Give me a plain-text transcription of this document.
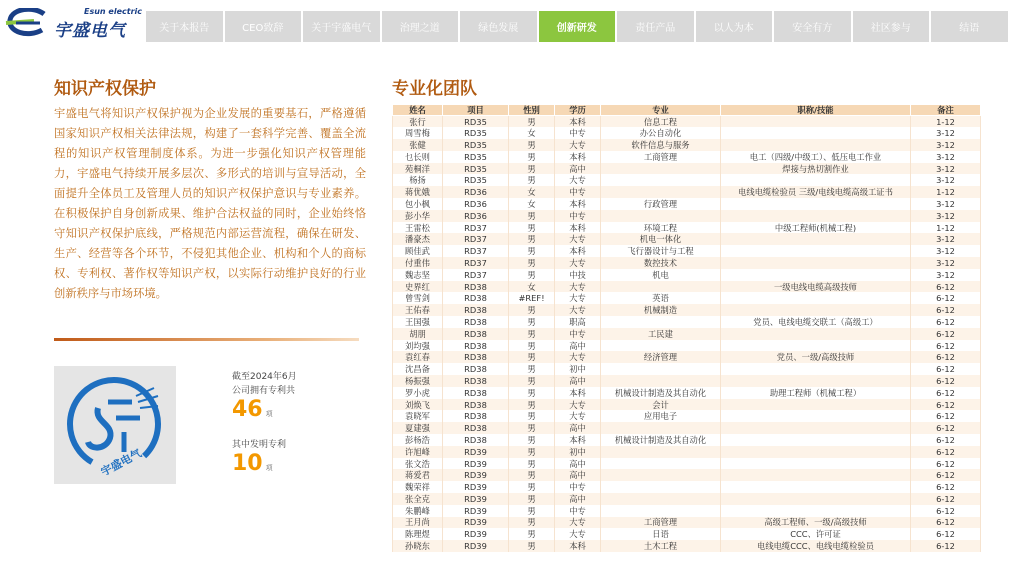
Esun electric
宇盛电气	关于本报告	CEO致辞	关于宇盛电气	治理之道	绿色发展	创新研发	责任产品	以人为本	安全有方	社区参与	结语
知识产权保护
宇盛电气将知识产权保护视为企业发展的重要基石，严格遵循国家知识产权相关法律法规，构建了一套科学完善、覆盖全流程的知识产权管理制度体系。为进一步强化知识产权管理能力，宇盛电气持续开展多层次、多形式的培训与宣导活动，全面提升全体员工及管理人员的知识产权保护意识与专业素养。在积极保护自身创新成果、维护合法权益的同时，企业始终恪守知识产权保护底线，严格规范内部运营流程，确保在研发、生产、经营等各个环节，不侵犯其他企业、机构和个人的商标权、专利权、著作权等知识产权，以实际行动维护良好的行业创新秩序与市场环境。
宇盛电气
截至2024年6月
公司拥有专利共
46 项
其中发明专利
10 项
专业化团队
姓名	项目	性别	学历	专业	职称/技能	备注
张行	RD35	男	本科	信息工程		1-12
周雪梅	RD35	女	中专	办公自动化		3-12
张健	RD35	男	大专	软件信息与服务		3-12
乜长则	RD35	男	本科	工商管理	电工（四级/中级工）、低压电工作业	3-12
苑桐洋	RD35	男	高中		焊接与热切割作业	3-12
杨扬	RD35	男	大专			3-12
蒋优娥	RD36	女	中专		电线电缆检验员 三级/电线电缆高级工证书	1-12
包小枫	RD36	女	本科	行政管理		3-12
彭小华	RD36	男	中专			3-12
王雷松	RD37	男	本科	环境工程	中级工程师(机械工程)	1-12
潘豪杰	RD37	男	大专	机电一体化		3-12
顾佳武	RD37	男	本科	飞行器设计与工程		3-12
付重伟	RD37	男	大专	数控技术		3-12
魏志坚	RD37	男	中技	机电		3-12
史界红	RD38	女	大专		一级电线电缆高级技师	6-12
曾雪剑	RD38	#REF!	大专	英语		6-12
王佑春	RD38	男	大专	机械制造		6-12
王国强	RD38	男	职高		党员、电线电缆交联工（高级工）	6-12
胡朋	RD38	男	中专	工民建		6-12
刘均强	RD38	男	高中			6-12
袁红春	RD38	男	大专	经济管理	党员、一级/高级技师	6-12
沈昌备	RD38	男	初中			6-12
杨振强	RD38	男	高中			6-12
罗小虎	RD38	男	本科	机械设计制造及其自动化	助理工程师（机械工程）	6-12
刘焕飞	RD38	男	大专	会计		6-12
袁晓军	RD38	男	大专	应用电子		6-12
夏建强	RD38	男	高中			6-12
彭杨浩	RD38	男	本科	机械设计制造及其自动化		6-12
许旭峰	RD39	男	初中			6-12
张文浩	RD39	男	高中			6-12
蒋爱君	RD39	男	高中			6-12
魏荣祥	RD39	男	中专			6-12
张全克	RD39	男	高中			6-12
朱鹏峰	RD39	男	中专			6-12
王月尚	RD39	男	大专	工商管理	高级工程师、一级/高级技师	6-12
陈理煜	RD39	男	大专	日语	CCC、许可证	6-12
孙晓东	RD39	男	本科	土木工程	电线电缆CCC、电线电缆检验员	6-12
